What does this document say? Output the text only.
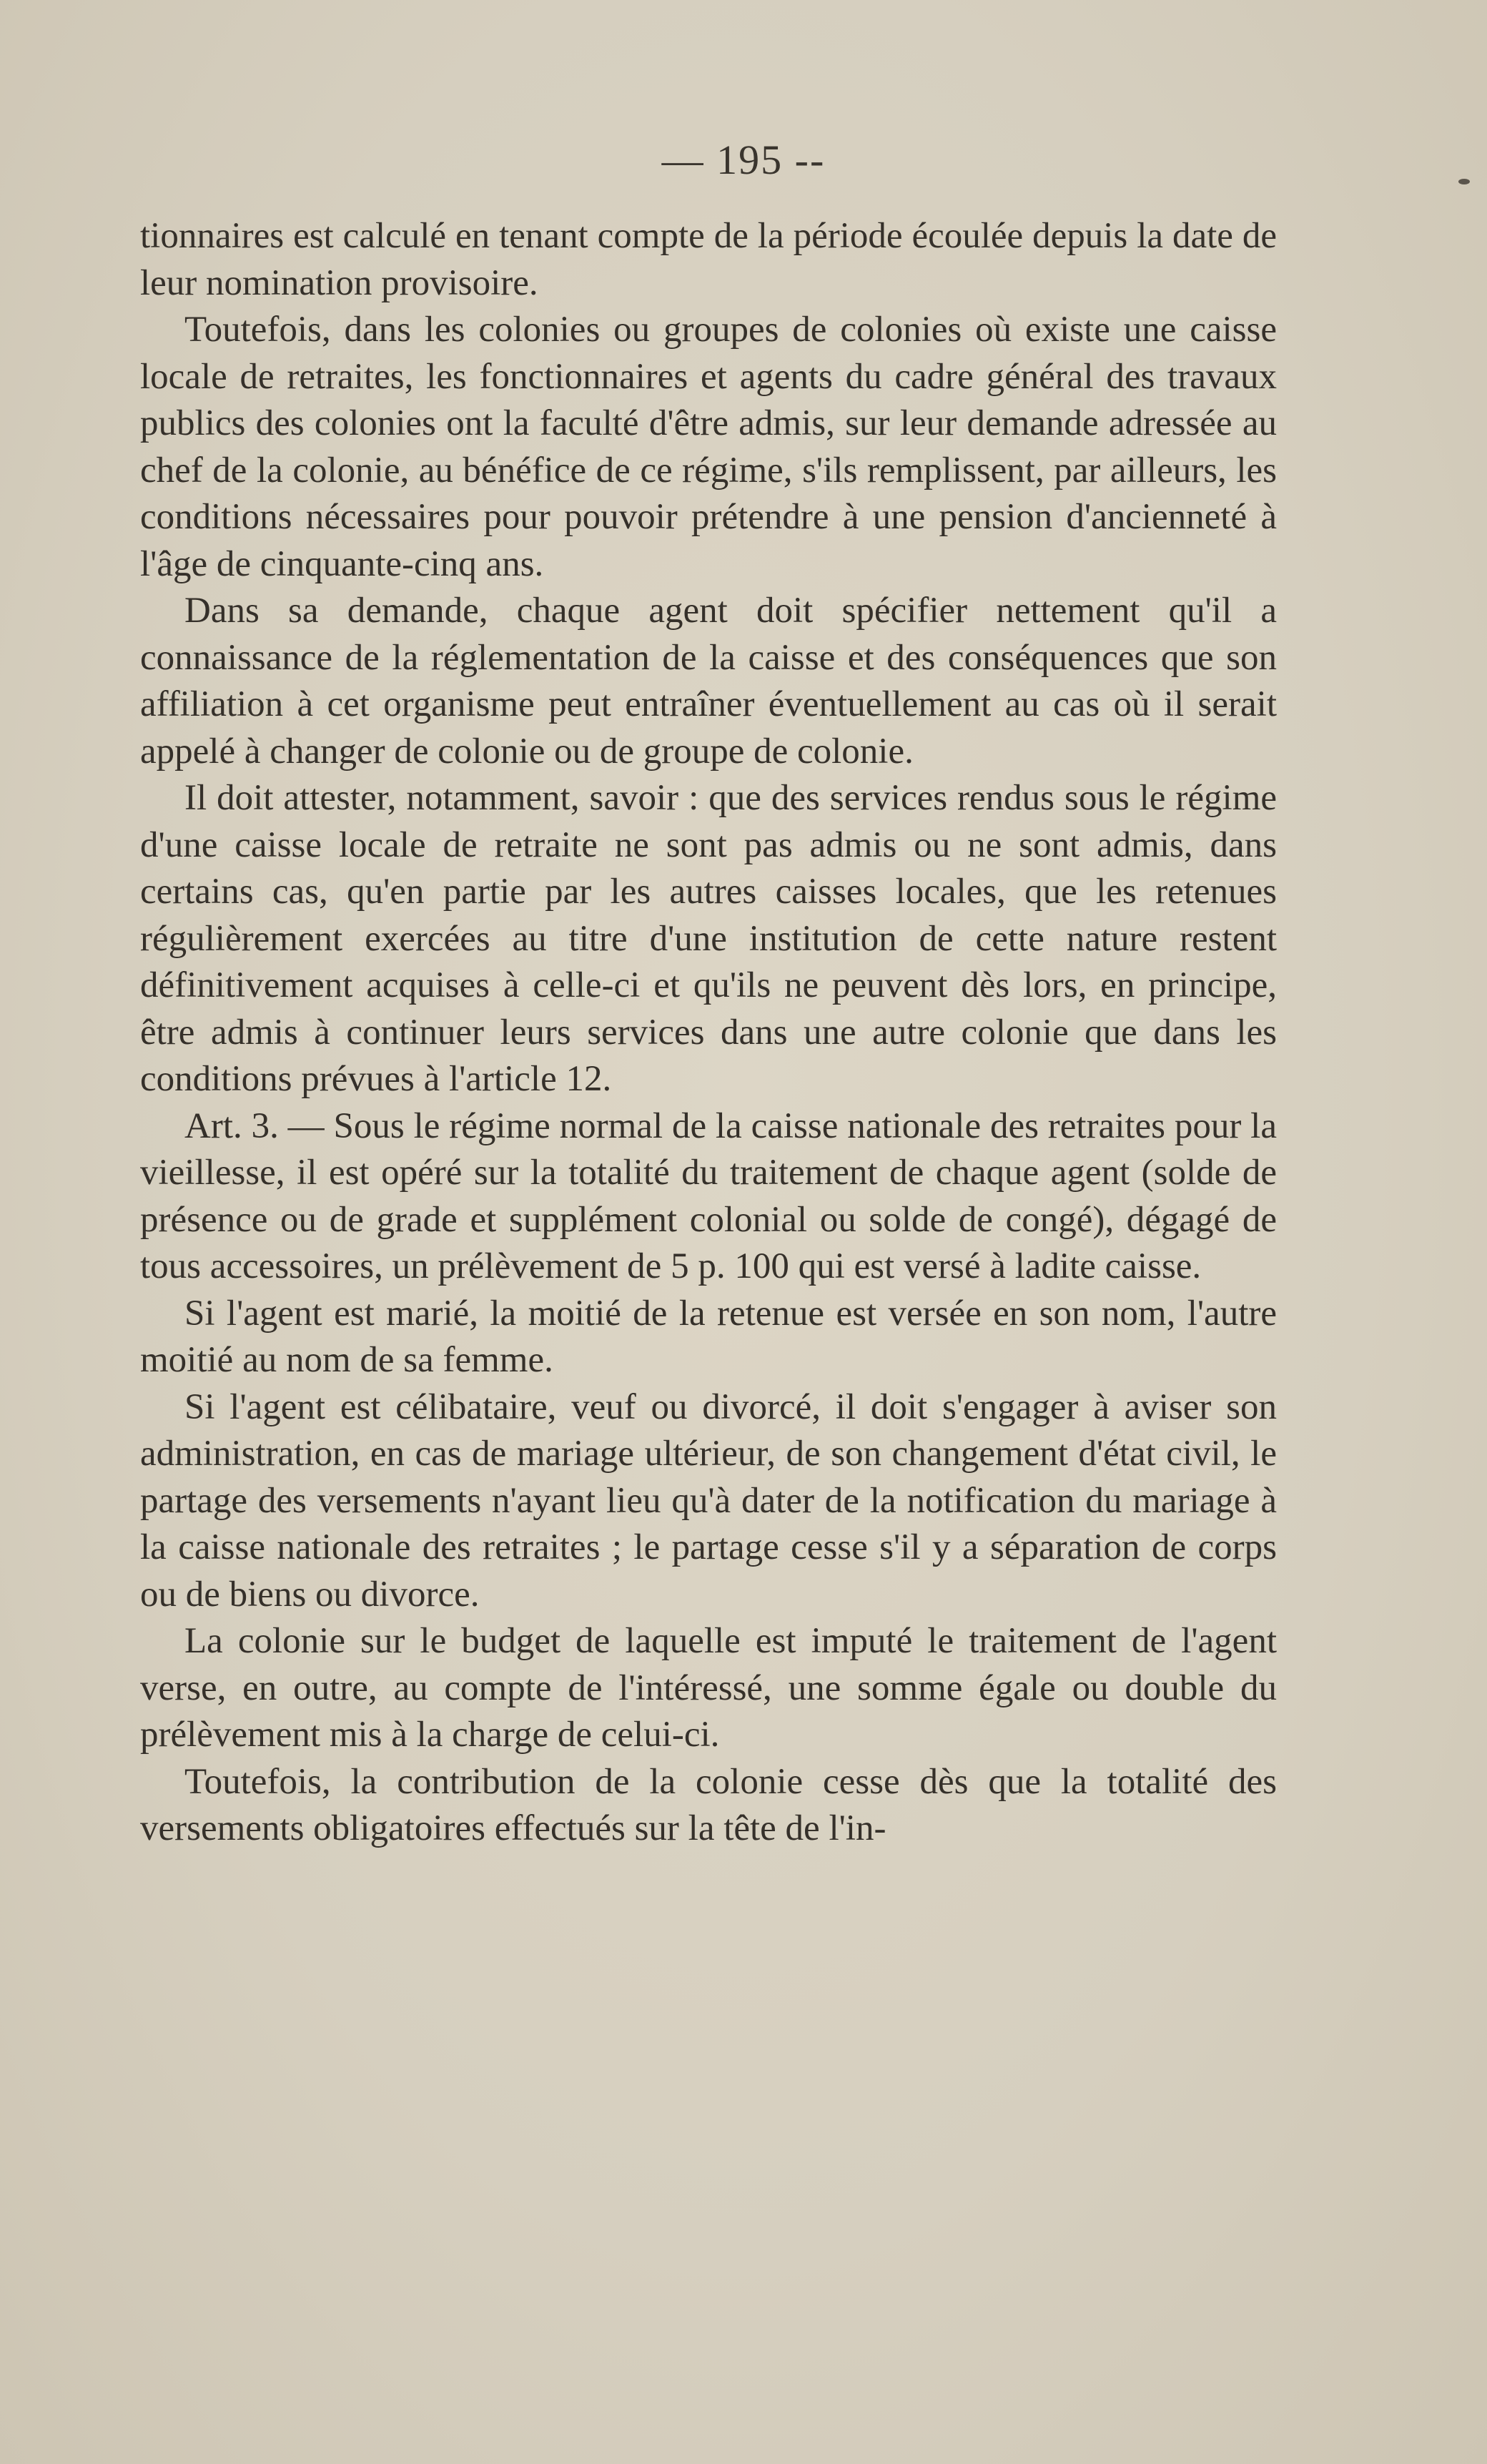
— 195 --

tionnaires est calculé en tenant compte de la période écoulée depuis la date de leur nomination provisoire.

Toutefois, dans les colonies ou groupes de colonies où existe une caisse locale de retraites, les fonctionnaires et agents du cadre général des travaux publics des colonies ont la faculté d'être admis, sur leur demande adressée au chef de la colonie, au bénéfice de ce régime, s'ils remplissent, par ailleurs, les conditions nécessaires pour pouvoir prétendre à une pension d'ancienneté à l'âge de cinquante-cinq ans.

Dans sa demande, chaque agent doit spécifier nettement qu'il a connaissance de la réglementation de la caisse et des conséquences que son affiliation à cet organisme peut entraîner éventuellement au cas où il serait appelé à changer de colonie ou de groupe de colonie.

Il doit attester, notamment, savoir : que des services rendus sous le régime d'une caisse locale de retraite ne sont pas admis ou ne sont admis, dans certains cas, qu'en partie par les autres caisses locales, que les retenues régulièrement exercées au titre d'une institution de cette nature restent définitivement acquises à celle-ci et qu'ils ne peuvent dès lors, en principe, être admis à continuer leurs services dans une autre colonie que dans les conditions prévues à l'article 12.

Art. 3. — Sous le régime normal de la caisse nationale des retraites pour la vieillesse, il est opéré sur la totalité du traitement de chaque agent (solde de présence ou de grade et supplément colonial ou solde de congé), dégagé de tous accessoires, un prélèvement de 5 p. 100 qui est versé à ladite caisse.

Si l'agent est marié, la moitié de la retenue est versée en son nom, l'autre moitié au nom de sa femme.

Si l'agent est célibataire, veuf ou divorcé, il doit s'engager à aviser son administration, en cas de mariage ultérieur, de son changement d'état civil, le partage des versements n'ayant lieu qu'à dater de la notification du mariage à la caisse nationale des retraites ; le partage cesse s'il y a séparation de corps ou de biens ou divorce.

La colonie sur le budget de laquelle est imputé le traitement de l'agent verse, en outre, au compte de l'intéressé, une somme égale ou double du prélèvement mis à la charge de celui-ci.

Toutefois, la contribution de la colonie cesse dès que la totalité des versements obligatoires effectués sur la tête de l'in-
